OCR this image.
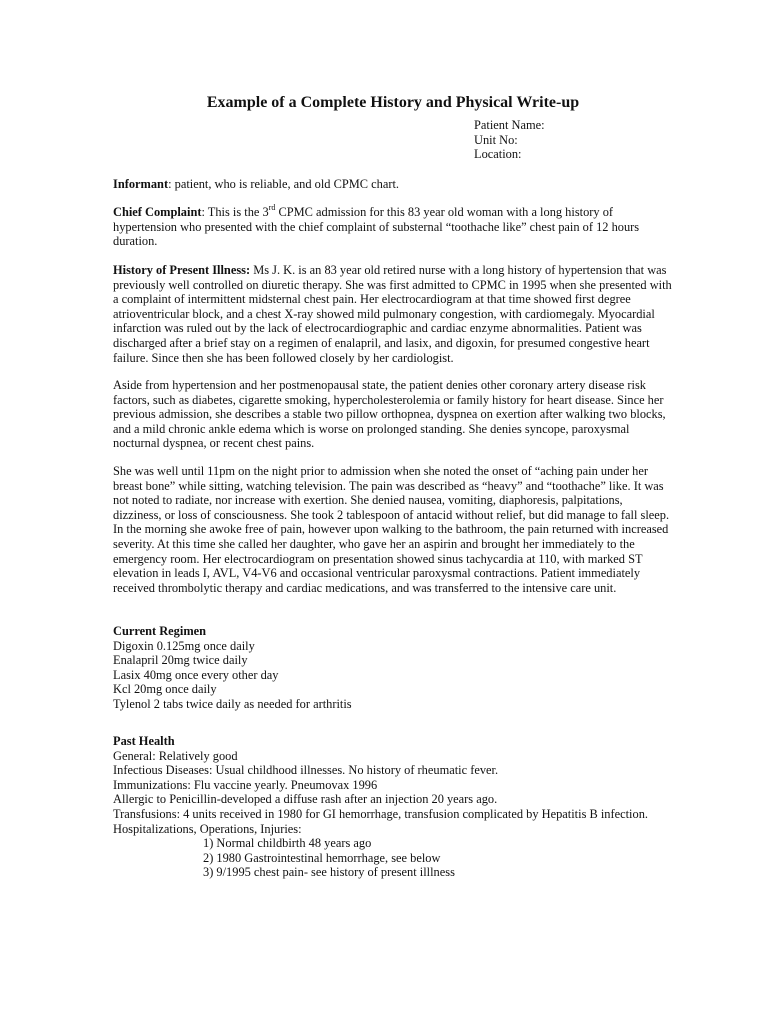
Example of a Complete History and Physical Write-up
Patient Name:
Unit No:
Location:

Informant: patient, who is reliable, and old CPMC chart.

Chief Complaint: This is the 3rd CPMC admission for this 83 year old woman with a long history of hypertension who presented with the chief complaint of substernal “toothache like” chest pain of 12 hours duration.

History of Present Illness: Ms J. K. is an 83 year old retired nurse with a long history of hypertension that was previously well controlled on diuretic therapy. She was first admitted to CPMC in 1995 when she presented with a complaint of intermittent midsternal chest pain. Her electrocardiogram at that time showed first degree atrioventricular block, and a chest X-ray showed mild pulmonary congestion, with cardiomegaly. Myocardial infarction was ruled out by the lack of electrocardiographic and cardiac enzyme abnormalities. Patient was discharged after a brief stay on a regimen of enalapril, and lasix, and digoxin, for presumed congestive heart failure. Since then she has been followed closely by her cardiologist.

Aside from hypertension and her postmenopausal state, the patient denies other coronary artery disease risk factors, such as diabetes, cigarette smoking, hypercholesterolemia or family history for heart disease. Since her previous admission, she describes a stable two pillow orthopnea, dyspnea on exertion after walking two blocks, and a mild chronic ankle edema which is worse on prolonged standing. She denies syncope, paroxysmal nocturnal dyspnea, or recent chest pains.

She was well until 11pm on the night prior to admission when she noted the onset of “aching pain under her breast bone” while sitting, watching television. The pain was described as “heavy” and “toothache” like. It was not noted to radiate, nor increase with exertion. She denied nausea, vomiting, diaphoresis, palpitations, dizziness, or loss of consciousness. She took 2 tablespoon of antacid without relief, but did manage to fall sleep. In the morning she awoke free of pain, however upon walking to the bathroom, the pain returned with increased severity. At this time she called her daughter, who gave her an aspirin and brought her immediately to the emergency room. Her electrocardiogram on presentation showed sinus tachycardia at 110, with marked ST elevation in leads I, AVL, V4-V6 and occasional ventricular paroxysmal contractions. Patient immediately received thrombolytic therapy and cardiac medications, and was transferred to the intensive care unit.

Current Regimen
Digoxin 0.125mg once daily
Enalapril 20mg twice daily
Lasix 40mg once every other day
Kcl 20mg once daily
Tylenol 2 tabs twice daily as needed for arthritis
Past Health
General: Relatively good
Infectious Diseases: Usual childhood illnesses. No history of rheumatic fever.
Immunizations: Flu vaccine yearly. Pneumovax 1996
Allergic to Penicillin-developed a diffuse rash after an injection 20 years ago.
Transfusions: 4 units received in 1980 for GI hemorrhage, transfusion complicated by Hepatitis B infection.
Hospitalizations, Operations, Injuries:
1) Normal childbirth 48 years ago
2) 1980 Gastrointestinal hemorrhage, see below
3) 9/1995 chest pain- see history of present illlness
